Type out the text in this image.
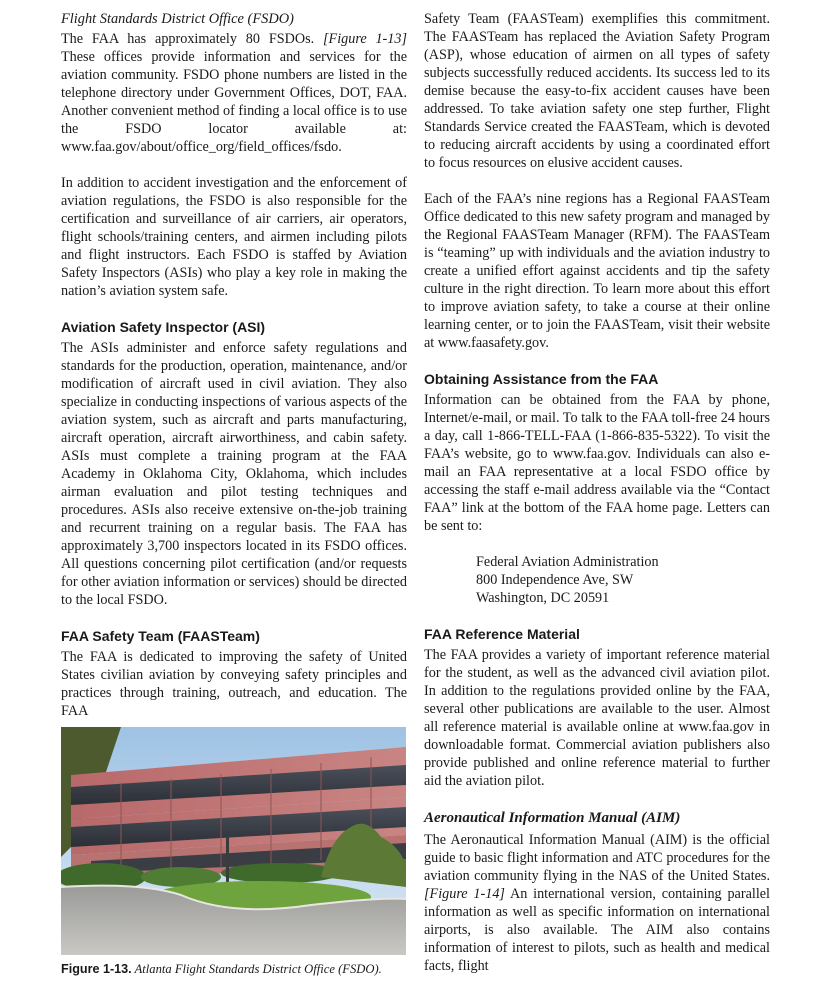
Flight Standards District Office (FSDO)

The FAA has approximately 80 FSDOs. [Figure 1-13] These offices provide information and services for the aviation community. FSDO phone numbers are listed in the telephone directory under Government Offices, DOT, FAA. Another convenient method of finding a local office is to use the FSDO locator available at: www.faa.gov/about/office_org/field_offices/fsdo.

In addition to accident investigation and the enforcement of aviation regulations, the FSDO is also responsible for the certification and surveillance of air carriers, air operators, flight schools/training centers, and airmen including pilots and flight instructors. Each FSDO is staffed by Aviation Safety Inspectors (ASIs) who play a key role in making the nation’s aviation system safe.

Aviation Safety Inspector (ASI)

The ASIs administer and enforce safety regulations and standards for the production, operation, maintenance, and/or modification of aircraft used in civil aviation. They also specialize in conducting inspections of various aspects of the aviation system, such as aircraft and parts manufacturing, aircraft operation, aircraft airworthiness, and cabin safety. ASIs must complete a training program at the FAA Academy in Oklahoma City, Oklahoma, which includes airman evaluation and pilot testing techniques and procedures. ASIs also receive extensive on-the-job training and recurrent training on a regular basis. The FAA has approximately 3,700 inspectors located in its FSDO offices. All questions concerning pilot certification (and/or requests for other aviation information or services) should be directed to the local FSDO.

FAA Safety Team (FAASTeam)

The FAA is dedicated to improving the safety of United States civilian aviation by conveying safety principles and practices through training, outreach, and education. The FAA

Safety Team (FAASTeam) exemplifies this commitment. The FAASTeam has replaced the Aviation Safety Program (ASP), whose education of airmen on all types of safety subjects successfully reduced accidents. Its success led to its demise because the easy-to-fix accident causes have been addressed. To take aviation safety one step further, Flight Standards Service created the FAASTeam, which is devoted to reducing aircraft accidents by using a coordinated effort to focus resources on elusive accident causes.

Each of the FAA’s nine regions has a Regional FAASTeam Office dedicated to this new safety program and managed by the Regional FAASTeam Manager (RFM). The FAASTeam is “teaming” up with individuals and the aviation industry to create a unified effort against accidents and tip the safety culture in the right direction. To learn more about this effort to improve aviation safety, to take a course at their online learning center, or to join the FAASTeam, visit their website at www.faasafety.gov.

Obtaining Assistance from the FAA

Information can be obtained from the FAA by phone, Internet/e-mail, or mail. To talk to the FAA toll-free 24 hours a day, call 1-866-TELL-FAA (1-866-835-5322). To visit the FAA’s website, go to www.faa.gov. Individuals can also e-mail an FAA representative at a local FSDO office by accessing the staff e-mail address available via the “Contact FAA” link at the bottom of the FAA home page. Letters can be sent to:

Federal Aviation Administration
800 Independence Ave, SW
Washington, DC 20591
FAA Reference Material

The FAA provides a variety of important reference material for the student, as well as the advanced civil aviation pilot. In addition to the regulations provided online by the FAA, several other publications are available to the user. Almost all reference material is available online at www.faa.gov in downloadable format. Commercial aviation publishers also provide published and online reference material to further aid the aviation pilot.

Aeronautical Information Manual (AIM)

The Aeronautical Information Manual (AIM) is the official guide to basic flight information and ATC procedures for the aviation community flying in the NAS of the United States. [Figure 1-14] An international version, containing parallel information as well as specific information on international airports, is also available. The AIM also contains information of interest to pilots, such as health and medical facts, flight

Figure 1-13. Atlanta Flight Standards District Office (FSDO).
